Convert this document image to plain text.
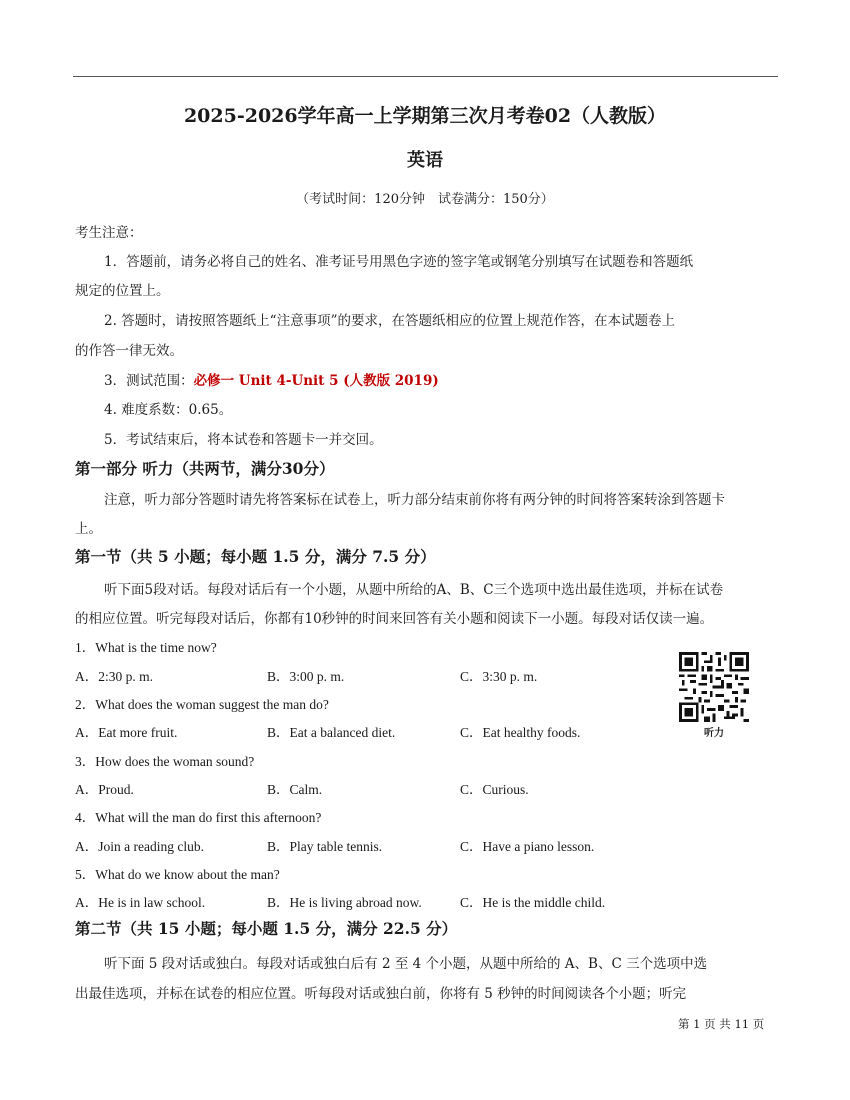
2025-2026学年高一上学期第三次月考卷02（人教版）
英语
（考试时间：120分钟　试卷满分：150分）
考生注意：
1．答题前，请务必将自己的姓名、准考证号用黑色字迹的签字笔或钢笔分别填写在试题卷和答题纸
规定的位置上。
2. 答题时，请按照答题纸上“注意事项”的要求，在答题纸相应的位置上规范作答，在本试题卷上
的作答一律无效。
3．测试范围：必修一 Unit 4-Unit 5 (人教版 2019)
4. 难度系数：0.65。
5．考试结束后，将本试卷和答题卡一并交回。
第一部分 听力（共两节，满分30分）
注意，听力部分答题时请先将答案标在试卷上，听力部分结束前你将有两分钟的时间将答案转涂到答题卡
上。
第一节（共 5 小题；每小题 1.5 分，满分 7.5 分）
听下面5段对话。每段对话后有一个小题，从题中所给的A、B、C三个选项中选出最佳选项，并标在试卷
的相应位置。听完每段对话后，你都有10秒钟的时间来回答有关小题和阅读下一小题。每段对话仅读一遍。
1．What is the time now?
A．2:30 p. m.	B．3:00 p. m.	C．3:30 p. m.
2．What does the woman suggest the man do?
A．Eat more fruit.	B．Eat a balanced diet.	C．Eat healthy foods.
3．How does the woman sound?
A．Proud.	B．Calm.	C．Curious.
4．What will the man do first this afternoon?
A．Join a reading club.	B．Play table tennis.	C．Have a piano lesson.
5．What do we know about the man?
A．He is in law school.	B．He is living abroad now.	C．He is the middle child.
听力
第二节（共 15 小题；每小题 1.5 分，满分 22.5 分）
听下面 5 段对话或独白。每段对话或独白后有 2 至 4 个小题，从题中所给的 A、B、C 三个选项中选
出最佳选项，并标在试卷的相应位置。听每段对话或独白前，你将有 5 秒钟的时间阅读各个小题；听完
第 1 页 共 11 页
